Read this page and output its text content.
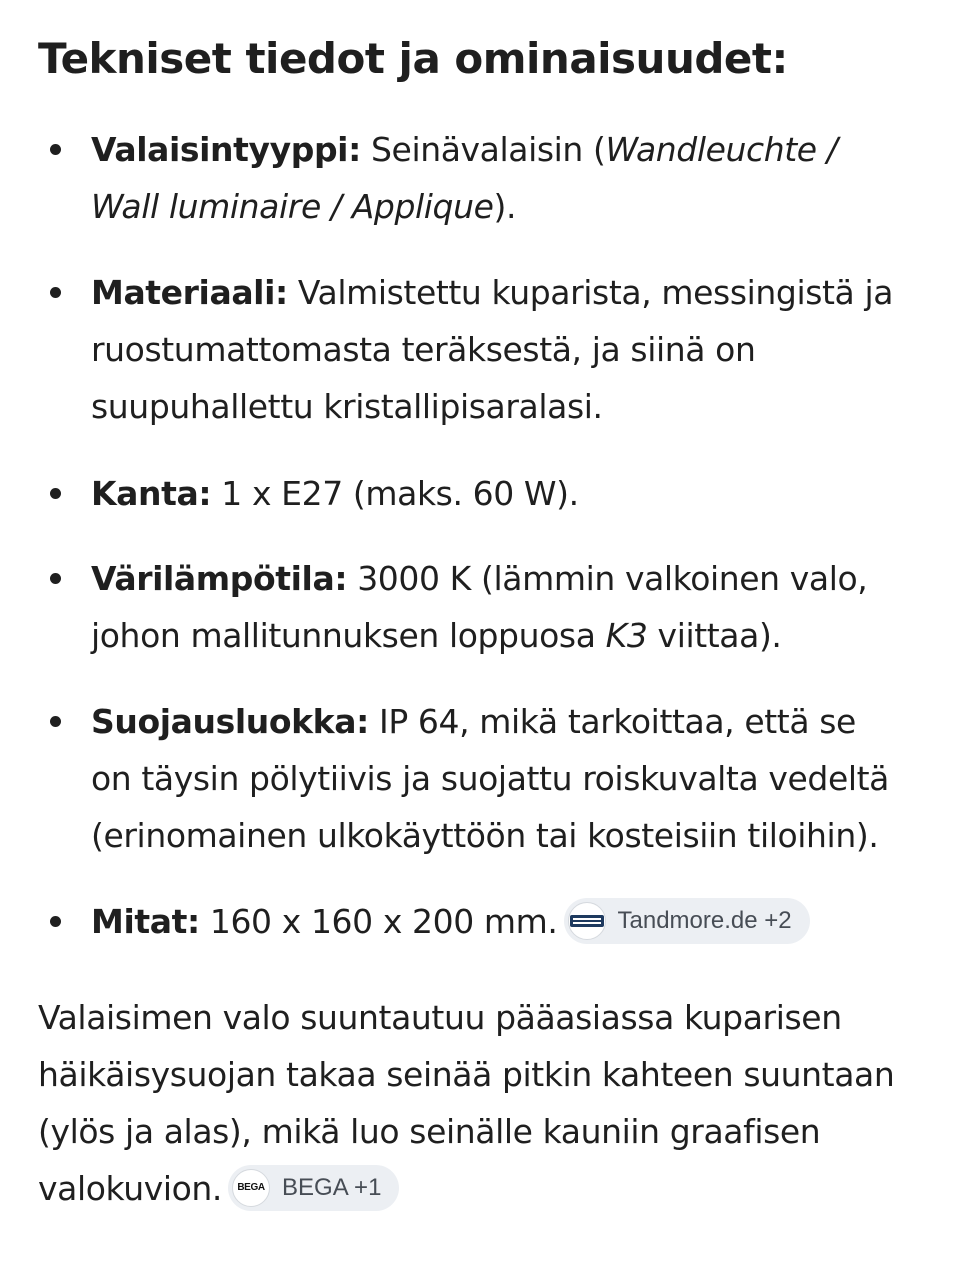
Tekniset tiedot ja ominaisuudet:
Valaisintyyppi: Seinävalaisin (Wandleuchte /
Wall luminaire / Applique).
Materiaali: Valmistettu kuparista, messingistä ja
ruostumattomasta teräksestä, ja siinä on
suupuhallettu kristallipisaralasi.
Kanta: 1 x E27 (maks. 60 W).
Värilämpötila: 3000 K (lämmin valkoinen valo,
johon mallitunnuksen loppuosa K3 viittaa).
Suojausluokka: IP 64, mikä tarkoittaa, että se
on täysin pölytiivis ja suojattu roiskuvalta vedeltä
(erinomainen ulkokäyttöön tai kosteisiin tiloihin).
Mitat: 160 x 160 x 200 mm.	Tandmore.de +2
Valaisimen valo suuntautuu pääasiassa kuparisen
häikäisysuojan takaa seinää pitkin kahteen suuntaan
(ylös ja alas), mikä luo seinälle kauniin graafisen
valokuvion. BEGA BEGA +1
